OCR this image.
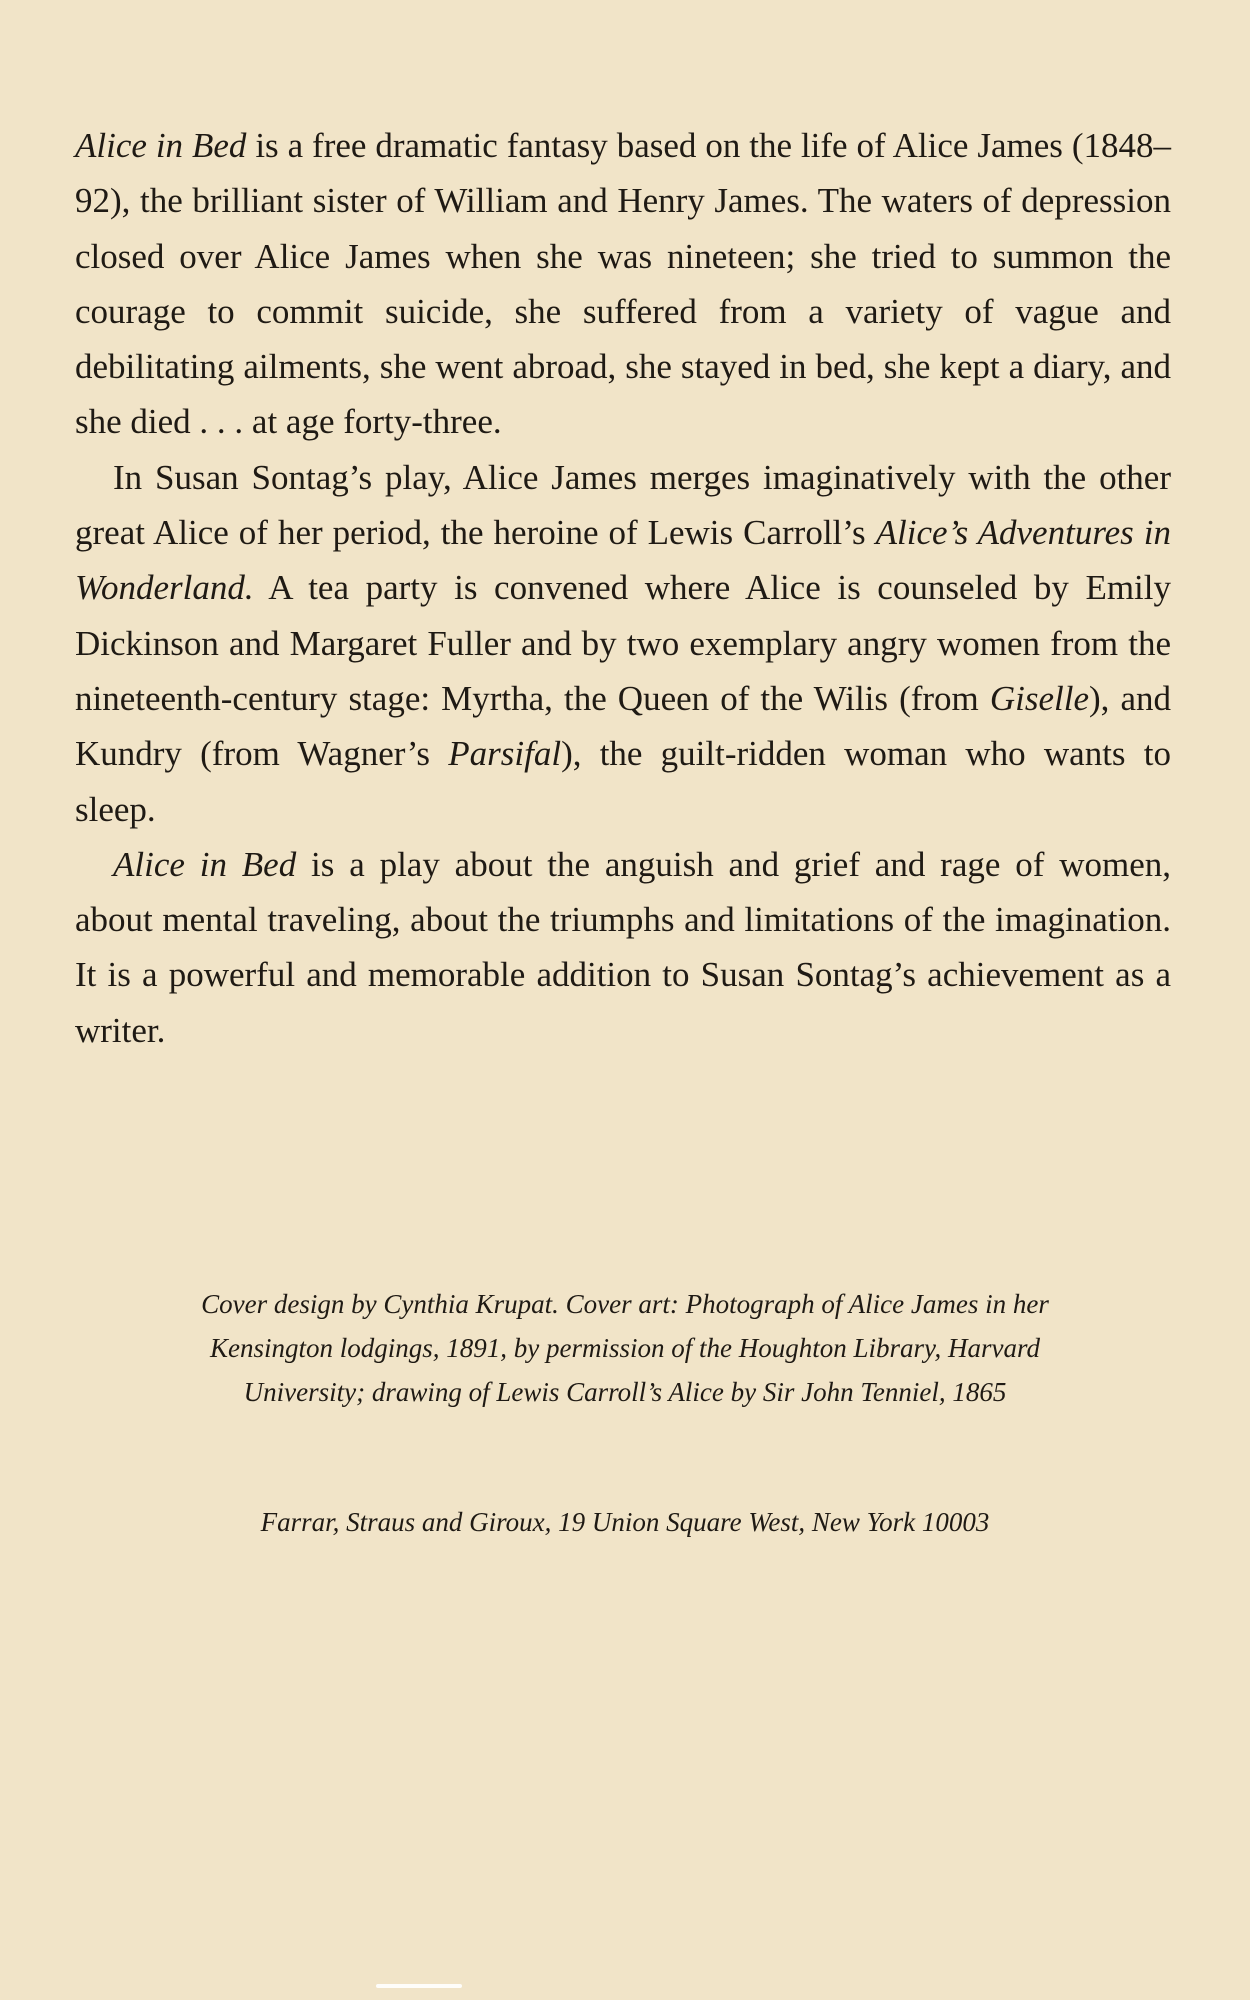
Alice in Bed is a free dramatic fantasy based on the life of Alice James (1848–92), the brilliant sister of William and Henry James. The waters of depression closed over Alice James when she was nineteen; she tried to summon the courage to commit suicide, she suffered from a variety of vague and debilitating ailments, she went abroad, she stayed in bed, she kept a diary, and she died . . . at age forty-three.

In Susan Sontag’s play, Alice James merges imaginatively with the other great Alice of her period, the heroine of Lewis Carroll’s Alice’s Adventures in Wonderland. A tea party is convened where Alice is counseled by Emily Dickinson and Margaret Fuller and by two exemplary angry women from the nineteenth-century stage: Myrtha, the Queen of the Wilis (from Giselle), and Kundry (from Wagner’s Parsifal), the guilt-ridden woman who wants to sleep.

Alice in Bed is a play about the anguish and grief and rage of women, about mental traveling, about the triumphs and limitations of the imagination. It is a powerful and memorable addition to Susan Sontag’s achievement as a writer.

Cover design by Cynthia Krupat. Cover art: Photograph of Alice James in her
Kensington lodgings, 1891, by permission of the Houghton Library, Harvard
University; drawing of Lewis Carroll’s Alice by Sir John Tenniel, 1865
Farrar, Straus and Giroux, 19 Union Square West, New York 10003
